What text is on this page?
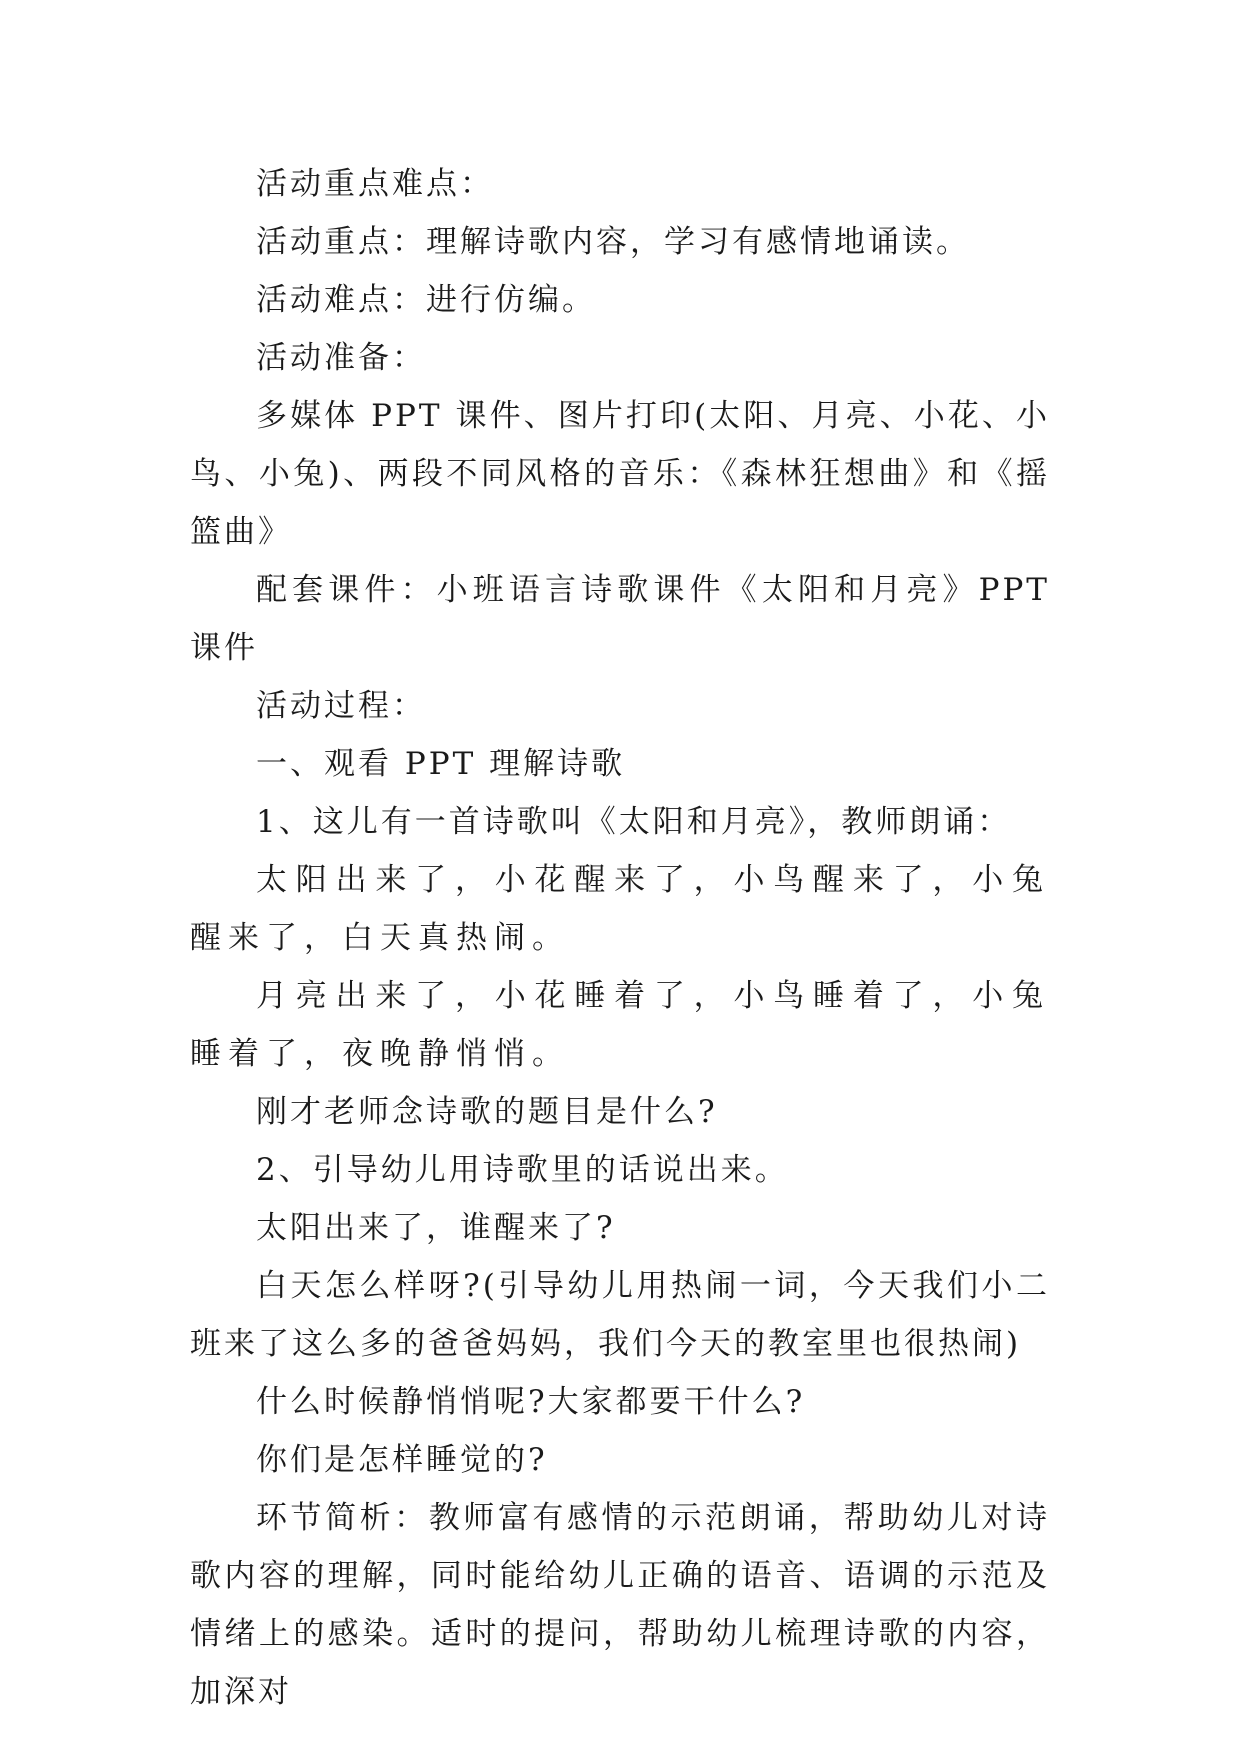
活动重点难点：

活动重点：理解诗歌内容，学习有感情地诵读。

活动难点：进行仿编。

活动准备：

多媒体 PPT 课件、图片打印(太阳、月亮、小花、小鸟、小兔)、两段不同风格的音乐：《森林狂想曲》和《摇篮曲》

配套课件：小班语言诗歌课件《太阳和月亮》PPT 课件

活动过程：

一、观看 PPT 理解诗歌

1、这儿有一首诗歌叫《太阳和月亮》，教师朗诵：

太阳出来了，小花醒来了，小鸟醒来了，小兔醒来了，白天真热闹。

月亮出来了，小花睡着了，小鸟睡着了，小兔睡着了，夜晚静悄悄。

刚才老师念诗歌的题目是什么?

2、引导幼儿用诗歌里的话说出来。

太阳出来了，谁醒来了?

白天怎么样呀?(引导幼儿用热闹一词，今天我们小二班来了这么多的爸爸妈妈，我们今天的教室里也很热闹)

什么时候静悄悄呢?大家都要干什么?

你们是怎样睡觉的?

环节简析：教师富有感情的示范朗诵，帮助幼儿对诗歌内容的理解，同时能给幼儿正确的语音、语调的示范及情绪上的感染。适时的提问，帮助幼儿梳理诗歌的内容，加深对
